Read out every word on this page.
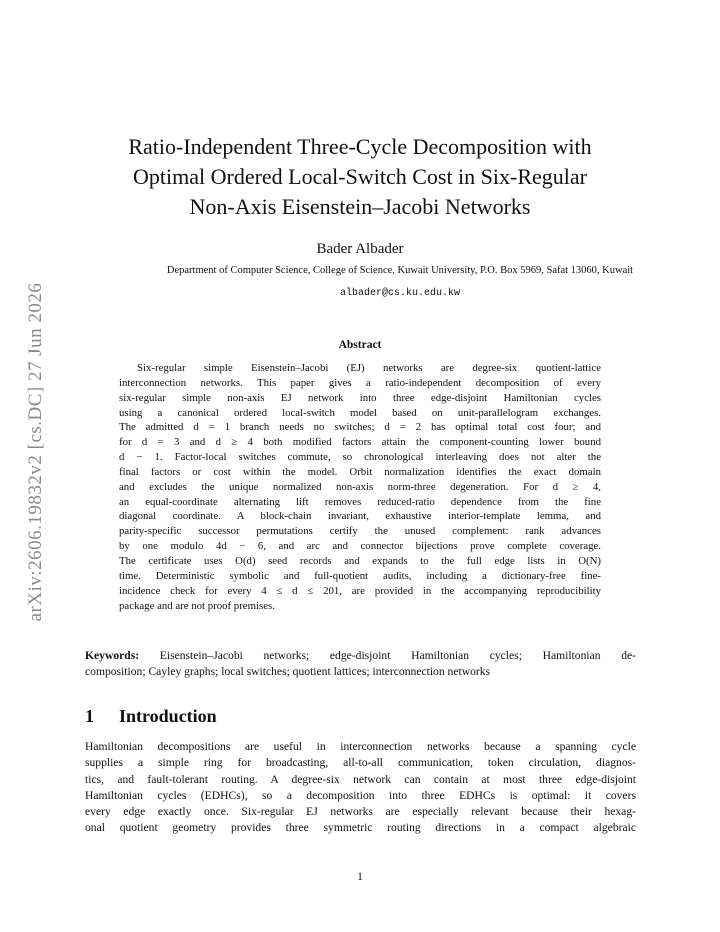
arXiv:2606.19832v2 [cs.DC] 27 Jun 2026
Ratio-Independent Three-Cycle Decomposition with
Optimal Ordered Local-Switch Cost in Six-Regular
Non-Axis Eisenstein–Jacobi Networks
Bader Albader
Department of Computer Science, College of Science, Kuwait University, P.O. Box 5969, Safat 13060, Kuwait
albader@cs.ku.edu.kw
Abstract
Six-regular simple Eisenstein–Jacobi (EJ) networks are degree-six quotient-lattice
interconnection networks. This paper gives a ratio-independent decomposition of every
six-regular simple non-axis EJ network into three edge-disjoint Hamiltonian cycles
using a canonical ordered local-switch model based on unit-parallelogram exchanges.
The admitted d = 1 branch needs no switches; d = 2 has optimal total cost four; and
for d = 3 and d ≥ 4 both modified factors attain the component-counting lower bound
d − 1. Factor-local switches commute, so chronological interleaving does not alter the
final factors or cost within the model. Orbit normalization identifies the exact domain
and excludes the unique normalized non-axis norm-three degeneration. For d ≥ 4,
an equal-coordinate alternating lift removes reduced-ratio dependence from the fine
diagonal coordinate. A block-chain invariant, exhaustive interior-template lemma, and
parity-specific successor permutations certify the unused complement: rank advances
by one modulo 4d − 6, and arc and connector bijections prove complete coverage.
The certificate uses O(d) seed records and expands to the full edge lists in O(N)
time. Deterministic symbolic and full-quotient audits, including a dictionary-free fine-
incidence check for every 4 ≤ d ≤ 201, are provided in the accompanying reproducibility
package and are not proof premises.
Keywords: Eisenstein–Jacobi networks; edge-disjoint Hamiltonian cycles; Hamiltonian de-
composition; Cayley graphs; local switches; quotient lattices; interconnection networks
1 Introduction
Hamiltonian decompositions are useful in interconnection networks because a spanning cycle
supplies a simple ring for broadcasting, all-to-all communication, token circulation, diagnos-
tics, and fault-tolerant routing. A degree-six network can contain at most three edge-disjoint
Hamiltonian cycles (EDHCs), so a decomposition into three EDHCs is optimal: it covers
every edge exactly once. Six-regular EJ networks are especially relevant because their hexag-
onal quotient geometry provides three symmetric routing directions in a compact algebraic
1
